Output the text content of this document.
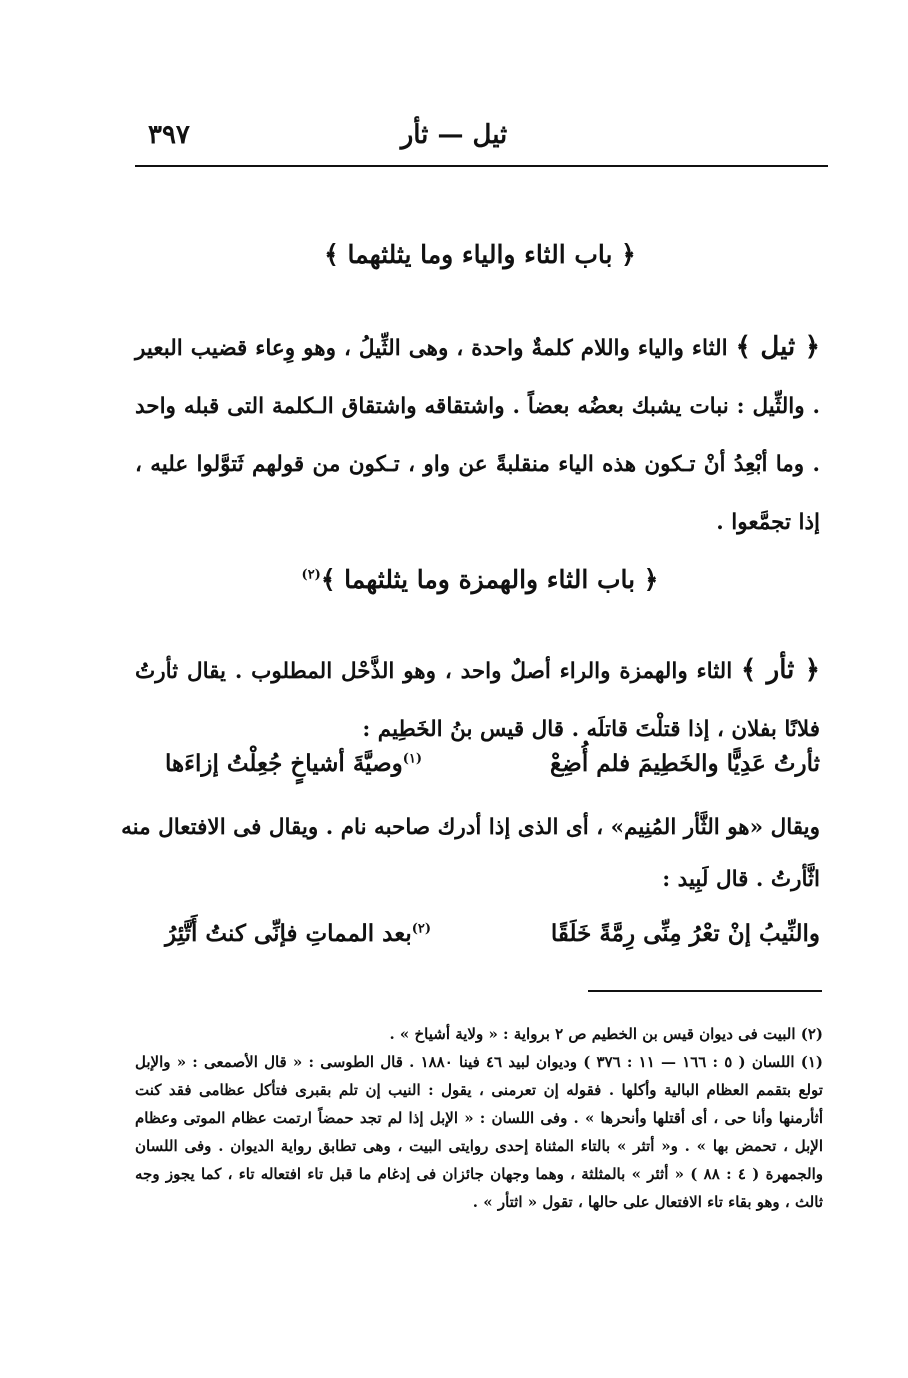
٣٩٧	ثيل — ثأر
﴿ باب الثاء والياء وما يثلثهما ﴾
﴿ ثيل ﴾ الثاء والياء واللام كلمةٌ واحدة ، وهى الثِّيلُ ، وهو وِعاء قضيب البعير . والثِّيل : نبات يشبك بعضُه بعضاً . واشتقاقه واشتقاق الـكلمة التى قبله واحد . وما أبْعِدُ أنْ تـكون هذه الياء منقلبةً عن واو ، تـكون من قولهم ثَتوَّلوا عليه ، إذا تجمَّعوا .
﴿ باب الثاء والهمزة وما يثلثهما ﴾$^{(٢)}$
﴿ ثأر ﴾ الثاء والهمزة والراء أصلٌ واحد ، وهو الذَّحْل المطلوب . يقال ثأرتُ فلانًا بفلان ، إذا قتلْتَ قاتلَه . قال قيس بنُ الخَطِيم :
ثأرتُ عَدِيًّا والخَطِيمَ فلم أُضِعْ
$^{(١)}$وصيَّةَ أشياخٍ جُعِلْتُ إزاءَها
ويقال «هو الثَّأر المُنِيم» ، أى الذى إذا أدرك صاحبه نام . ويقال فى الافتعال منه
اثَّأرتُ . قال لَبِيد :
والنِّيبُ إنْ تعْرُ مِنِّى رِمَّةً خَلَقًا
$^{(٢)}$بعد المماتِ فإنِّى كنتُ أَتَّئِرُ

(٢) البيت فى ديوان قيس بن الخطيم ص ٢ برواية : « ولاية أشياخ » .

(١) اللسان ( ٥ : ١٦٦ — ١١ : ٣٧٦ ) وديوان لبيد ٤٦ فينا ١٨٨٠ . قال الطوسى : « قال الأصمعى : « والإبل تولع بتقمم العظام البالية وأكلها . فقوله إن تعرمنى ، يقول : النيب إن تلم بقبرى فتأكل عظامى فقد كنت أثأرمنها وأنا حى ، أى أقتلها وأنحرها » . وفى اللسان : « الإبل إذا لم تجد حمضاً ارتمت عظام الموتى وعظام الإبل ، تحمض بها » . و« أتثر » بالتاء المثناة إحدى روايتى البيت ، وهى تطابق رواية الديوان . وفى اللسان والجمهرة ( ٤ : ٨٨ ) « أثئر » بالمثلثة ، وهما وجهان جائزان فى إدغام ما قبل تاء افتعاله تاء ، كما يجوز وجه ثالث ، وهو بقاء تاء الافتعال على حالها ، تقول « اثتأر » .
